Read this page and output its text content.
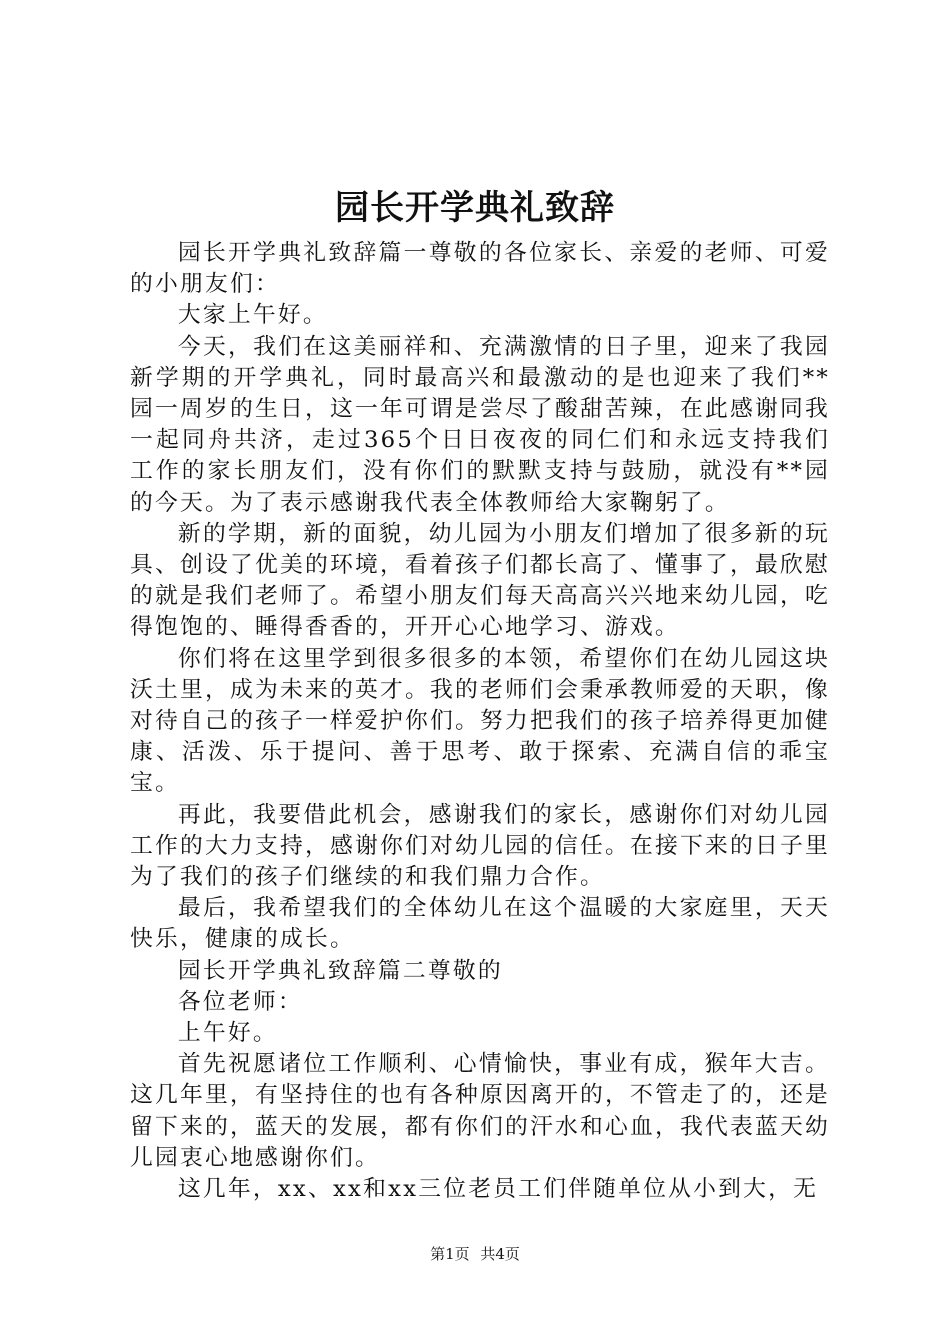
园长开学典礼致辞

园长开学典礼致辞篇一尊敬的各位家长、亲爱的老师、可爱的小朋友们：

大家上午好。

今天，我们在这美丽祥和、充满激情的日子里，迎来了我园新学期的开学典礼，同时最高兴和最激动的是也迎来了我们**园一周岁的生日，这一年可谓是尝尽了酸甜苦辣，在此感谢同我一起同舟共济，走过365个日日夜夜的同仁们和永远支持我们工作的家长朋友们，没有你们的默默支持与鼓励，就没有**园的今天。为了表示感谢我代表全体教师给大家鞠躬了。

新的学期，新的面貌，幼儿园为小朋友们增加了很多新的玩具、创设了优美的环境，看着孩子们都长高了、懂事了，最欣慰的就是我们老师了。希望小朋友们每天高高兴兴地来幼儿园，吃得饱饱的、睡得香香的，开开心心地学习、游戏。

你们将在这里学到很多很多的本领，希望你们在幼儿园这块沃土里，成为未来的英才。我的老师们会秉承教师爱的天职，像对待自己的孩子一样爱护你们。努力把我们的孩子培养得更加健康、活泼、乐于提问、善于思考、敢于探索、充满自信的乖宝宝。

再此，我要借此机会，感谢我们的家长，感谢你们对幼儿园工作的大力支持，感谢你们对幼儿园的信任。在接下来的日子里为了我们的孩子们继续的和我们鼎力合作。

最后，我希望我们的全体幼儿在这个温暖的大家庭里，天天快乐，健康的成长。

园长开学典礼致辞篇二尊敬的

各位老师：

上午好。

首先祝愿诸位工作顺利、心情愉快，事业有成，猴年大吉。这几年里，有坚持住的也有各种原因离开的，不管走了的，还是留下来的，蓝天的发展，都有你们的汗水和心血，我代表蓝天幼儿园衷心地感谢你们。

这几年，xx、xx和xx三位老员工们伴随单位从小到大，无

第1页 共4页
